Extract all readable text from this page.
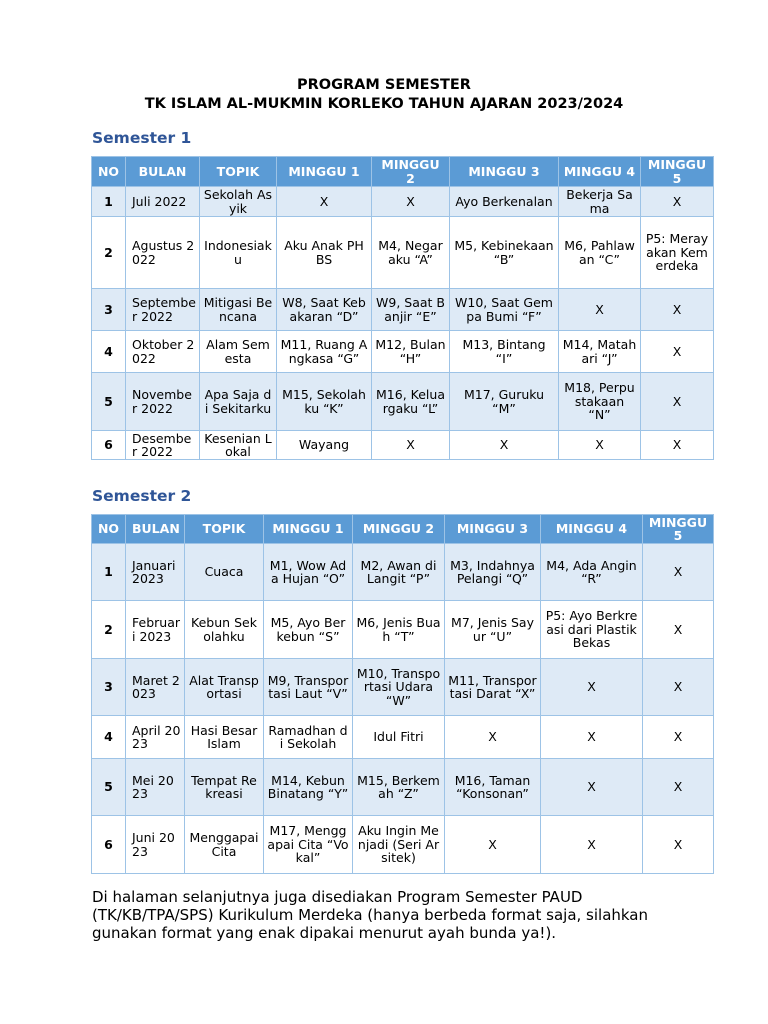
PROGRAM SEMESTER
TK ISLAM AL-MUKMIN KORLEKO TAHUN AJARAN 2023/2024
Semester 1
NO	BULAN	TOPIK	MINGGU 1	MINGGU 2	MINGGU 3	MINGGU 4	MINGGU 5
1	Juli 2022	Sekolah Asyik	X	X	Ayo Berkenalan	Bekerja Sama	X
2	Agustus 2022	Indonesiaku	Aku Anak PHBS	M4, Negaraku “A”	M5, Kebinekaan “B”	M6, Pahlawan “C”	P5: Merayakan Kemerdeka
3	September 2022	Mitigasi Bencana	W8, Saat Kebakaran “D”	W9, Saat Banjir “E”	W10, Saat Gempa Bumi “F”	X	X
4	Oktober 2022	Alam Semesta	M11, Ruang Angkasa “G”	M12, Bulan “H”	M13, Bintang “I”	M14, Matahari “J”	X
5	November 2022	Apa Saja di Sekitarku	M15, Sekolahku “K”	M16, Keluargaku “L”	M17, Guruku “M”	M18, Perpustakaan “N”	X
6	Desember 2022	Kesenian Lokal	Wayang	X	X	X	X
Semester 2
NO	BULAN	TOPIK	MINGGU 1	MINGGU 2	MINGGU 3	MINGGU 4	MINGGU 5
1	Januari 2023	Cuaca	M1, Wow Ada Hujan “O”	M2, Awan di Langit “P”	M3, Indahnya Pelangi “Q”	M4, Ada Angin “R”	X
2	Februari 2023	Kebun Sekolahku	M5, Ayo Berkebun “S”	M6, Jenis Buah “T”	M7, Jenis Sayur “U”	P5: Ayo Berkreasi dari Plastik Bekas	X
3	Maret 2023	Alat Transportasi	M9, Transportasi Laut “V”	M10, Transportasi Udara “W”	M11, Transportasi Darat “X”	X	X
4	April 2023	Hasi Besar Islam	Ramadhan di Sekolah	Idul Fitri	X	X	X
5	Mei 2023	Tempat Rekreasi	M14, Kebun Binatang “Y”	M15, Berkemah “Z”	M16, Taman “Konsonan”	X	X
6	Juni 2023	Menggapai Cita	M17, Menggapai Cita “Vokal”	Aku Ingin Menjadi (Seri Arsitek)	X	X	X
Di halaman selanjutnya juga disediakan Program Semester PAUD (TK/KB/TPA/SPS) Kurikulum Merdeka (hanya berbeda format saja, silahkan gunakan format yang enak dipakai menurut ayah bunda ya!).
